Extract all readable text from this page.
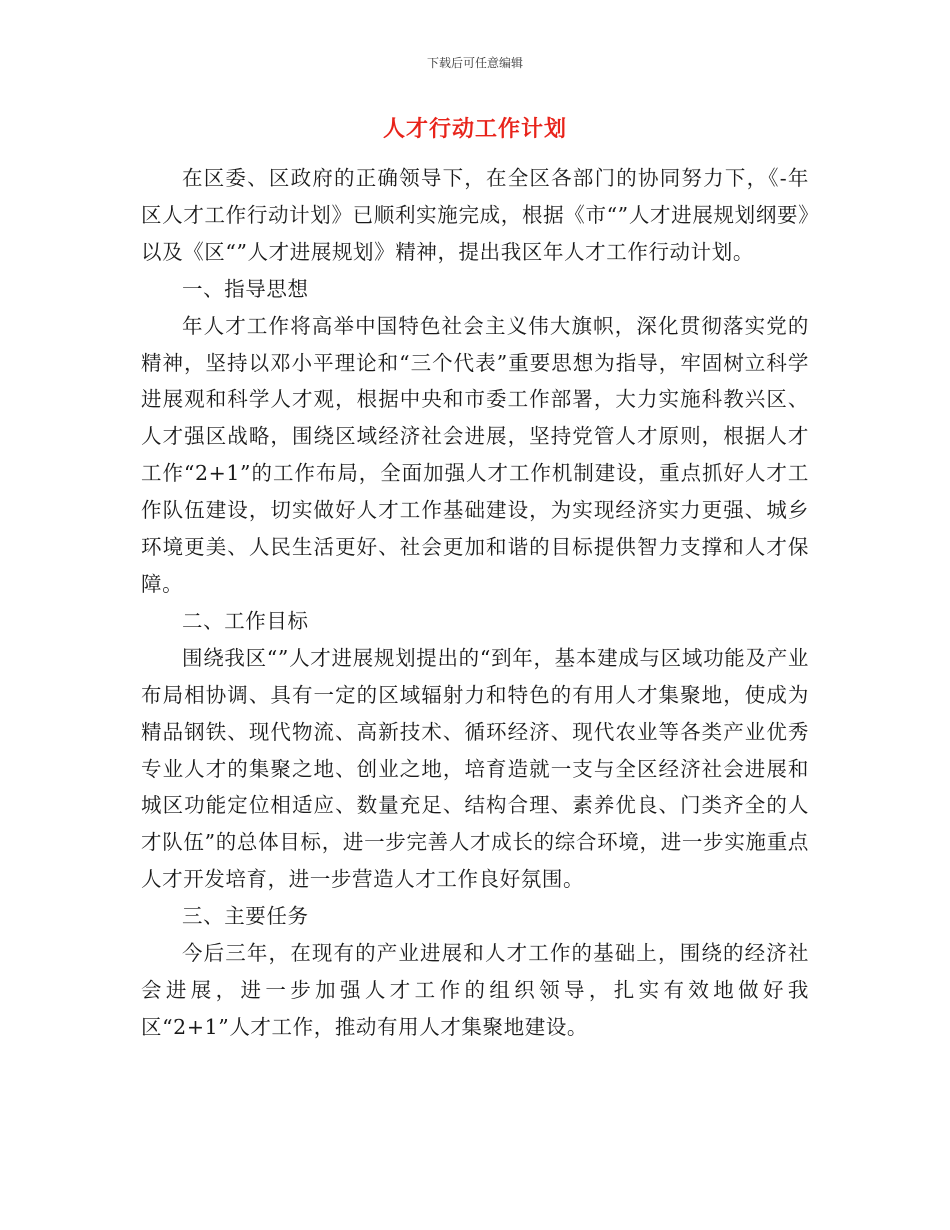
下载后可任意编辑
人才行动工作计划

在区委、区政府的正确领导下，在全区各部门的协同努力下，《-年区人才工作行动计划》已顺利实施完成，根据《市“”人才进展规划纲要》以及《区“”人才进展规划》精神，提出我区年人才工作行动计划。

一、指导思想

年人才工作将高举中国特色社会主义伟大旗帜，深化贯彻落实党的精神，坚持以邓小平理论和“三个代表”重要思想为指导，牢固树立科学进展观和科学人才观，根据中央和市委工作部署，大力实施科教兴区、人才强区战略，围绕区域经济社会进展，坚持党管人才原则，根据人才工作“2+1”的工作布局，全面加强人才工作机制建设，重点抓好人才工作队伍建设，切实做好人才工作基础建设，为实现经济实力更强、城乡环境更美、人民生活更好、社会更加和谐的目标提供智力支撑和人才保障。

二、工作目标

围绕我区“”人才进展规划提出的“到年，基本建成与区域功能及产业布局相协调、具有一定的区域辐射力和特色的有用人才集聚地，使成为精品钢铁、现代物流、高新技术、循环经济、现代农业等各类产业优秀专业人才的集聚之地、创业之地，培育造就一支与全区经济社会进展和城区功能定位相适应、数量充足、结构合理、素养优良、门类齐全的人才队伍”的总体目标，进一步完善人才成长的综合环境，进一步实施重点人才开发培育，进一步营造人才工作良好氛围。

三、主要任务

今后三年，在现有的产业进展和人才工作的基础上，围绕的经济社会进展，进一步加强人才工作的组织领导，扎实有效地做好我区“2+1”人才工作，推动有用人才集聚地建设。
